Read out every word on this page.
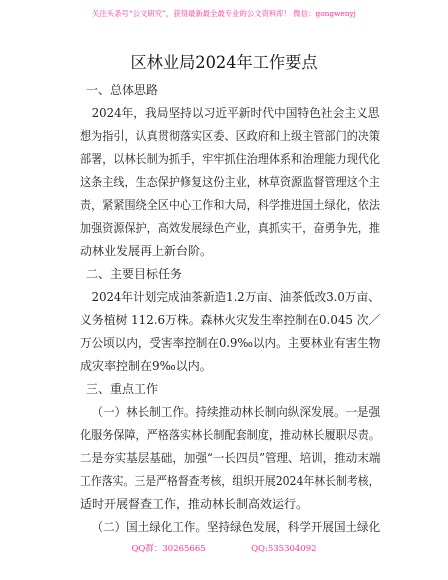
关注头条号“公文研究”，获得最新最全最专业的公文资料库！ 微信：gongwenyj
区林业局2024年工作要点
一、总体思路
2024年，我局坚持以习近平新时代中国特色社会主义思
想为指引，认真贯彻落实区委、区政府和上级主管部门的决策
部署，以林长制为抓手，牢牢抓住治理体系和治理能力现代化
这条主线，生态保护修复这份主业，林草资源监督管理这个主
责，紧紧围绕全区中心工作和大局，科学推进国土绿化，依法
加强资源保护，高效发展绿色产业，真抓实干，奋勇争先，推
动林业发展再上新台阶。
二、主要目标任务
2024年计划完成油茶新造1.2万亩、油茶低改3.0万亩、
义务植树 112.6万株。森林火灾发生率控制在0.045 次／
万公顷以内，受害率控制在0.9‰以内。主要林业有害生物
成灾率控制在9‰以内。
三、重点工作
（一）林长制工作。持续推动林长制向纵深发展。一是强
化服务保障，严格落实林长制配套制度，推动林长履职尽责。
二是夯实基层基础，加强“一长四员”管理、培训，推动末端
工作落实。三是严格督查考核，组织开展2024年林长制考核，
适时开展督查工作，推动林长制高效运行。
（二）国土绿化工作。坚持绿色发展，科学开展国土绿化
QQ群：30265665	QQ:535304092
